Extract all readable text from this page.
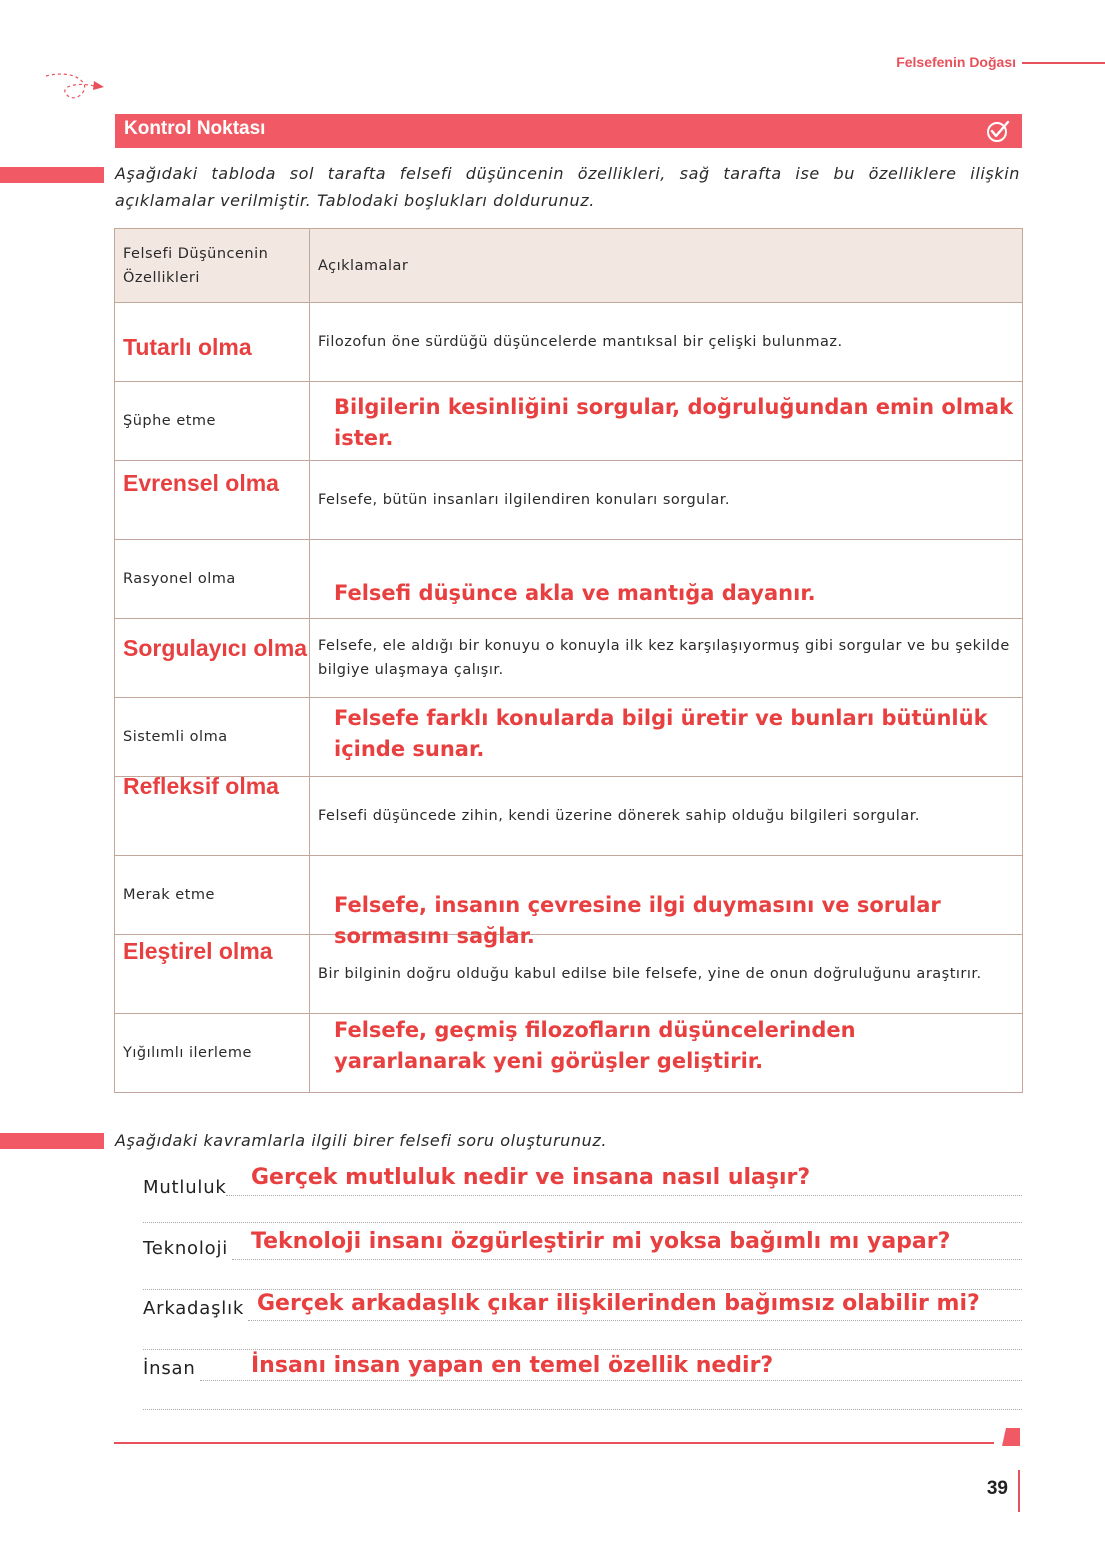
Felsefenin Doğası
Kontrol Noktası
Aşağıdaki tabloda sol tarafta felsefi düşüncenin özellikleri, sağ tarafta ise bu özelliklere ilişkin açıklamalar verilmiştir. Tablodaki boşlukları doldurunuz.
Felsefi Düşüncenin Özellikleri	Açıklamalar

Tutarlı olma	Filozofun öne sürdüğü düşüncelerde mantıksal bir çelişki bulunmaz.
Şüphe etme	Bilgilerin kesinliğini sorgular, doğruluğundan emin olmak ister.

Evrensel olma	Felsefe, bütün insanları ilgilendiren konuları sorgular.
Rasyonel olma	Felsefi düşünce akla ve mantığa dayanır.

Sorgulayıcı olma	Felsefe, ele aldığı bir konuyu o konuyla ilk kez karşılaşıyormuş gibi sorgular ve bu şekilde bilgiye ulaşmaya çalışır.
Sistemli olma	Felsefe farklı konularda bilgi üretir ve bunları bütünlük içinde sunar.

Refleksif olma	Felsefi düşüncede zihin, kendi üzerine dönerek sahip olduğu bilgileri sorgular.
Merak etme	Felsefe, insanın çevresine ilgi duymasını ve sorular sormasını sağlar.

Eleştirel olma	Bir bilginin doğru olduğu kabul edilse bile felsefe, yine de onun doğruluğunu araştırır.
Yığılımlı ilerleme	Felsefe, geçmiş filozofların düşüncelerinden yararlanarak yeni görüşler geliştirir.
Aşağıdaki kavramlarla ilgili birer felsefi soru oluşturunuz.
Mutluluk Gerçek mutluluk nedir ve insana nasıl ulaşır?
Teknoloji Teknoloji insanı özgürleştirir mi yoksa bağımlı mı yapar?
Arkadaşlık Gerçek arkadaşlık çıkar ilişkilerinden bağımsız olabilir mi?
İnsan	İnsanı insan yapan en temel özellik nedir?
39
